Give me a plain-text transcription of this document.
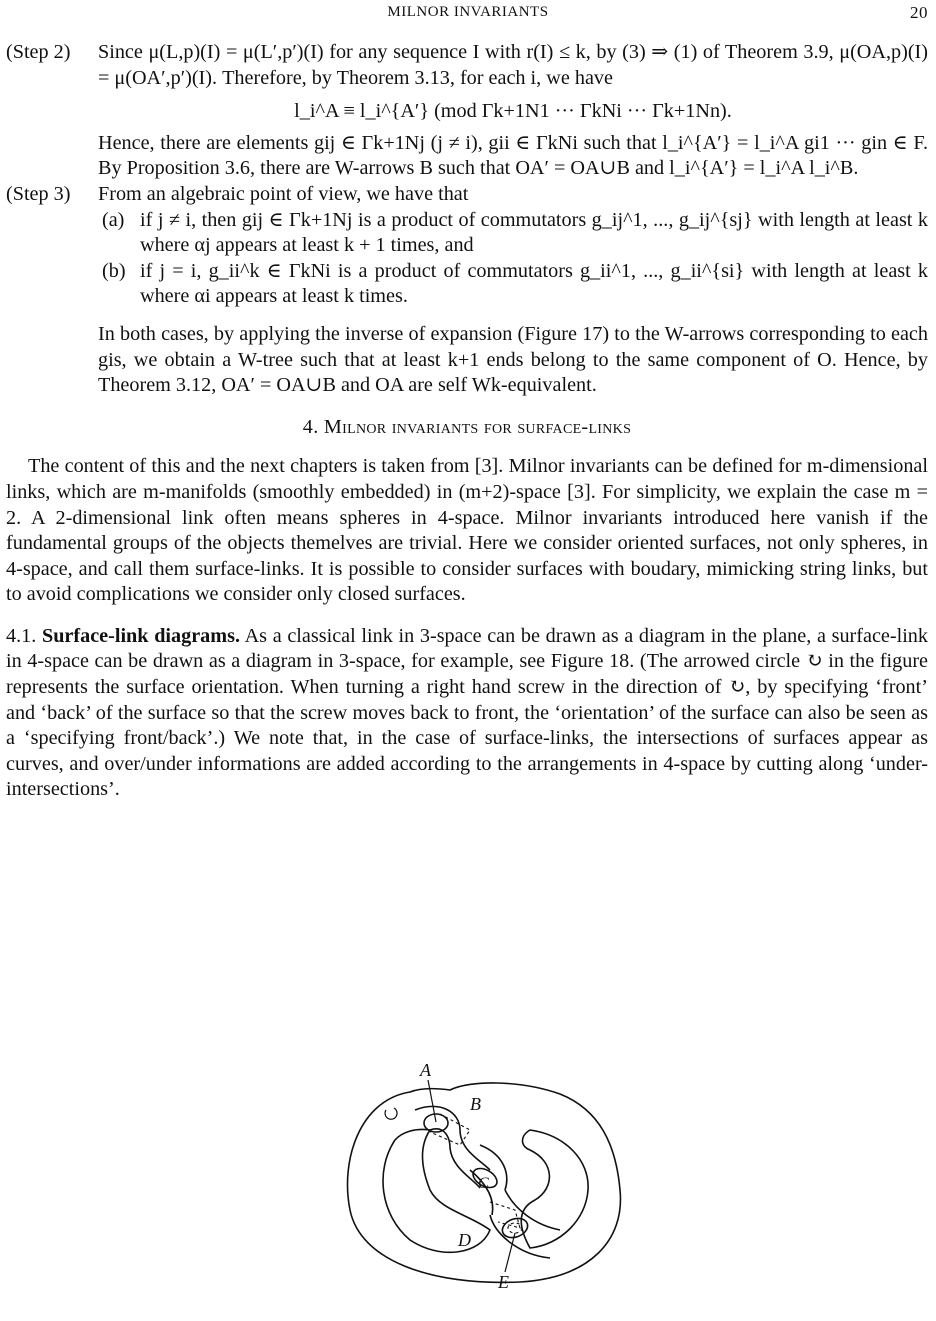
MILNOR INVARIANTS	20
(Step 2)	Since μ(L,p)(I) = μ(L′,p′)(I) for any sequence I with r(I) ≤ k, by (3) ⇒ (1) of Theorem 3.9, μ(OA,p)(I) = μ(OA′,p′)(I). Therefore, by Theorem 3.13, for each i, we have

l_i^A ≡ l_i^{A′} (mod Γk+1N1 ··· ΓkNi ··· Γk+1Nn).

Hence, there are elements gij ∈ Γk+1Nj (j ≠ i), gii ∈ ΓkNi such that l_i^{A′} = l_i^A gi1 ··· gin ∈ F. By Proposition 3.6, there are W-arrows B such that OA′ = OA∪B and l_i^{A′} = l_i^A l_i^B.

(Step 3)	From an algebraic point of view, we have that

(a) if j ≠ i, then gij ∈ Γk+1Nj is a product of commutators g_ij^1, ..., g_ij^{sj} with length at least k where αj appears at least k + 1 times, and
(b) if j = i, g_ii^k ∈ ΓkNi is a product of commutators g_ii^1, ..., g_ii^{si} with length at least k where αi appears at least k times.

In both cases, by applying the inverse of expansion (Figure 17) to the W-arrows corresponding to each gis, we obtain a W-tree such that at least k+1 ends belong to the same component of O. Hence, by Theorem 3.12, OA′ = OA∪B and OA are self Wk-equivalent.

4. Milnor invariants for surface-links

The content of this and the next chapters is taken from [3]. Milnor invariants can be defined for m-dimensional links, which are m-manifolds (smoothly embedded) in (m+2)-space [3]. For simplicity, we explain the case m = 2. A 2-dimensional link often means spheres in 4-space. Milnor invariants introduced here vanish if the fundamental groups of the objects themelves are trivial. Here we consider oriented surfaces, not only spheres, in 4-space, and call them surface-links. It is possible to consider surfaces with boudary, mimicking string links, but to avoid complications we consider only closed surfaces.

4.1. Surface-link diagrams. As a classical link in 3-space can be drawn as a diagram in the plane, a surface-link in 4-space can be drawn as a diagram in 3-space, for example, see Figure 18. (The arrowed circle ↻ in the figure represents the surface orientation. When turning a right hand screw in the direction of ↻, by specifying ‘front’ and ‘back’ of the surface so that the screw moves back to front, the ‘orientation’ of the surface can also be seen as a ‘specifying front/back’.) We note that, in the case of surface-links, the intersections of surfaces appear as curves, and over/under informations are added according to the arrangements in 4-space by cutting along ‘under-intersections’.

A
B
C
D
E
